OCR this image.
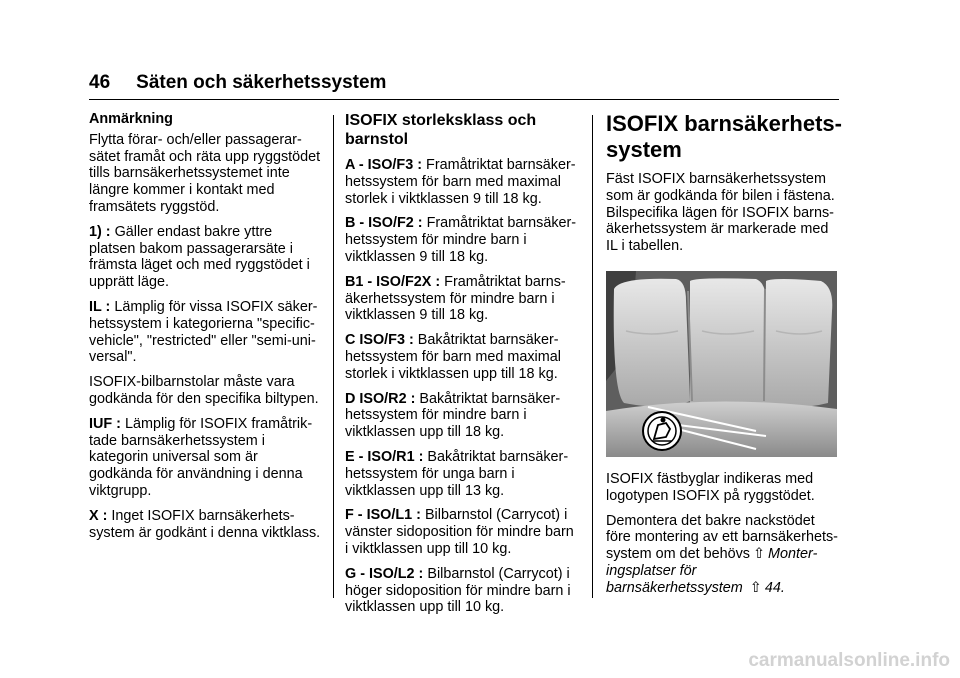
46 Säten och säkerhetssystem

Anmärkning

Flytta förar- och/eller passagerar-
sätet framåt och räta upp ryggstödet
tills barnsäkerhetssystemet inte
längre kommer i kontakt med
framsätets ryggstöd.

1) : Gäller endast bakre yttre
platsen bakom passagerarsäte i
främsta läget och med ryggstödet i
upprätt läge.

IL : Lämplig för vissa ISOFIX säker-
hetssystem i kategorierna "specific-
vehicle", "restricted" eller "semi-uni-
versal".

ISOFIX-bilbarnstolar måste vara
godkända för den specifika biltypen.

IUF : Lämplig för ISOFIX framåtrik-
tade barnsäkerhetssystem i
kategorin universal som är
godkända för användning i denna
viktgrupp.

X : Inget ISOFIX barnsäkerhets-
system är godkänt i denna viktklass.

ISOFIX storleksklass och
barnstol

A - ISO/F3 : Framåtriktat barnsäker-
hetssystem för barn med maximal
storlek i viktklassen 9 till 18 kg.

B - ISO/F2 : Framåtriktat barnsäker-
hetssystem för mindre barn i
viktklassen 9 till 18 kg.

B1 - ISO/F2X : Framåtriktat barns-
äkerhetssystem för mindre barn i
viktklassen 9 till 18 kg.

C ISO/F3 : Bakåtriktat barnsäker-
hetssystem för barn med maximal
storlek i viktklassen upp till 18 kg.

D ISO/R2 : Bakåtriktat barnsäker-
hetssystem för mindre barn i
viktklassen upp till 18 kg.

E - ISO/R1 : Bakåtriktat barnsäker-
hetssystem för unga barn i
viktklassen upp till 13 kg.

F - ISO/L1 : Bilbarnstol (Carrycot) i
vänster sidoposition för mindre barn
i viktklassen upp till 10 kg.

G - ISO/L2 : Bilbarnstol (Carrycot) i
höger sidoposition för mindre barn i
viktklassen upp till 10 kg.

ISOFIX barnsäkerhets-
system

Fäst ISOFIX barnsäkerhetssystem
som är godkända för bilen i fästena.
Bilspecifika lägen för ISOFIX barns-
äkerhetssystem är markerade med
IL i tabellen.

ISOFIX fästbyglar indikeras med
logotypen ISOFIX på ryggstödet.

Demontera det bakre nackstödet
före montering av ett barnsäkerhets-
system om det behövs ⇧ Monter-
ingsplatser för
barnsäkerhetssystem ⇧ 44.

carmanualsonline.info
